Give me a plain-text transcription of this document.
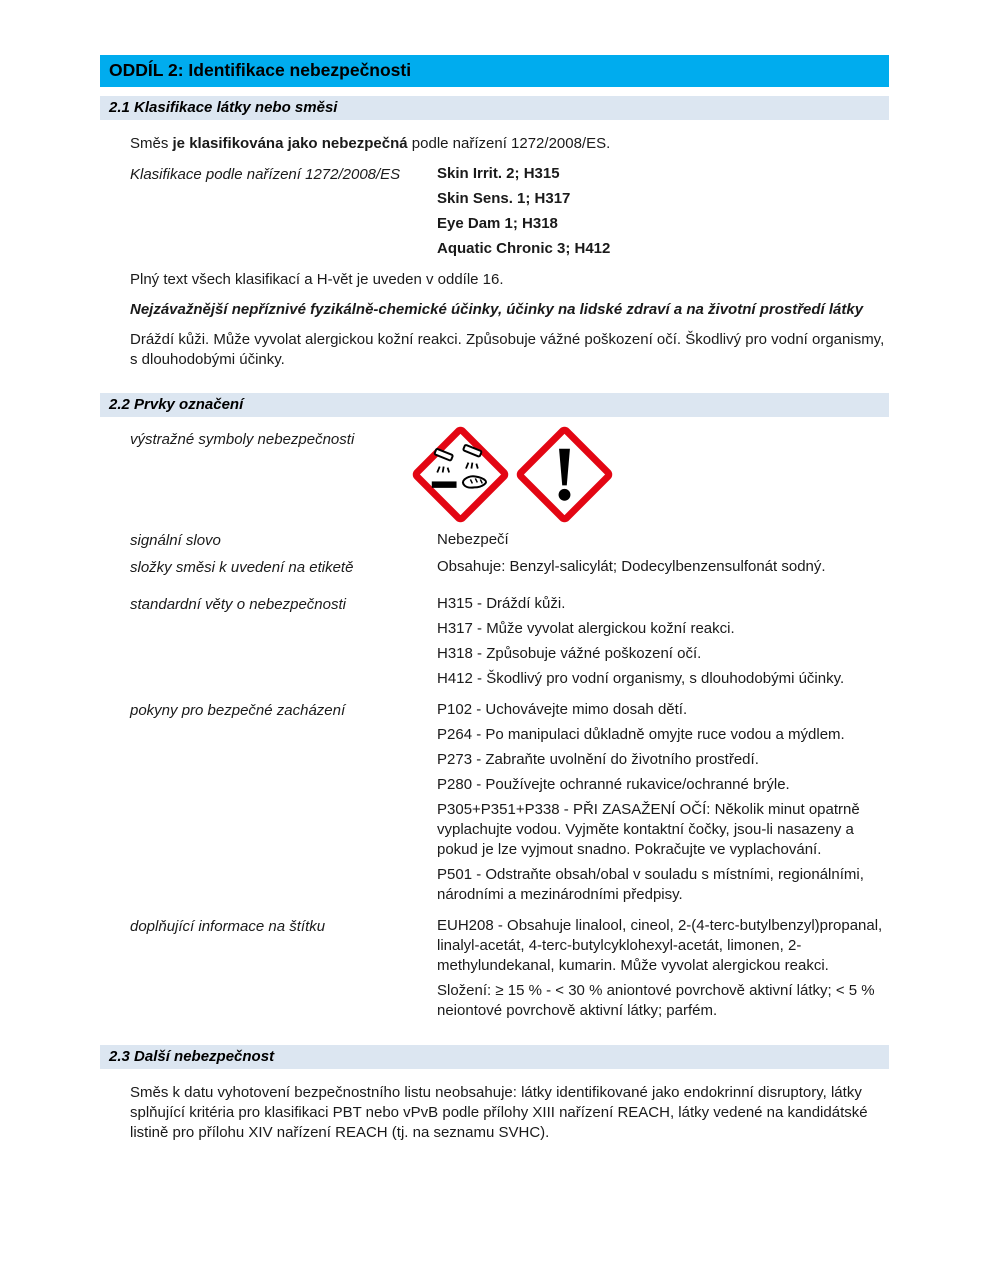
ODDÍL 2: Identifikace nebezpečnosti
2.1 Klasifikace látky nebo směsi

Směs je klasifikována jako nebezpečná podle nařízení 1272/2008/ES.

Klasifikace podle nařízení 1272/2008/ES	Skin Irrit. 2; H315
Skin Sens. 1; H317
Eye Dam 1; H318
Aquatic Chronic 3; H412

Plný text všech klasifikací a H-vět je uveden v oddíle 16.

Nejzávažnější nepříznivé fyzikálně-chemické účinky, účinky na lidské zdraví a na životní prostředí látky

Dráždí kůži. Může vyvolat alergickou kožní reakci. Způsobuje vážné poškození očí. Škodlivý pro vodní organismy, s dlouhodobými účinky.

2.2 Prvky označení
výstražné symboly nebezpečnosti
signální slovo	Nebezpečí
složky směsi k uvedení na etiketě	Obsahuje: Benzyl-salicylát; Dodecylbenzensulfonát sodný.
standardní věty o nebezpečnosti	H315 - Dráždí kůži.
H317 - Může vyvolat alergickou kožní reakci.
H318 - Způsobuje vážné poškození očí.
H412 - Škodlivý pro vodní organismy, s dlouhodobými účinky.
pokyny pro bezpečné zacházení	P102 - Uchovávejte mimo dosah dětí.
P264 - Po manipulaci důkladně omyjte ruce vodou a mýdlem.
P273 - Zabraňte uvolnění do životního prostředí.
P280 - Používejte ochranné rukavice/ochranné brýle.
P305+P351+P338 - PŘI ZASAŽENÍ OČÍ: Několik minut opatrně vyplachujte vodou. Vyjměte kontaktní čočky, jsou-li nasazeny a pokud je lze vyjmout snadno. Pokračujte ve vyplachování.
P501 - Odstraňte obsah/obal v souladu s místními, regionálními, národními a mezinárodními předpisy.
doplňující informace na štítku	EUH208 - Obsahuje linalool, cineol, 2-(4-terc-butylbenzyl)propanal, linalyl-acetát, 4-terc-butylcyklohexyl-acetát, limonen, 2-methylundekanal, kumarin. Může vyvolat alergickou reakci.
Složení: ≥ 15 % - < 30 % aniontové povrchově aktivní látky; < 5 % neiontové povrchově aktivní látky; parfém.
2.3 Další nebezpečnost

Směs k datu vyhotovení bezpečnostního listu neobsahuje: látky identifikované jako endokrinní disruptory, látky splňující kritéria pro klasifikaci PBT nebo vPvB podle přílohy XIII nařízení REACH, látky vedené na kandidátské listině pro přílohu XIV nařízení REACH (tj. na seznamu SVHC).
